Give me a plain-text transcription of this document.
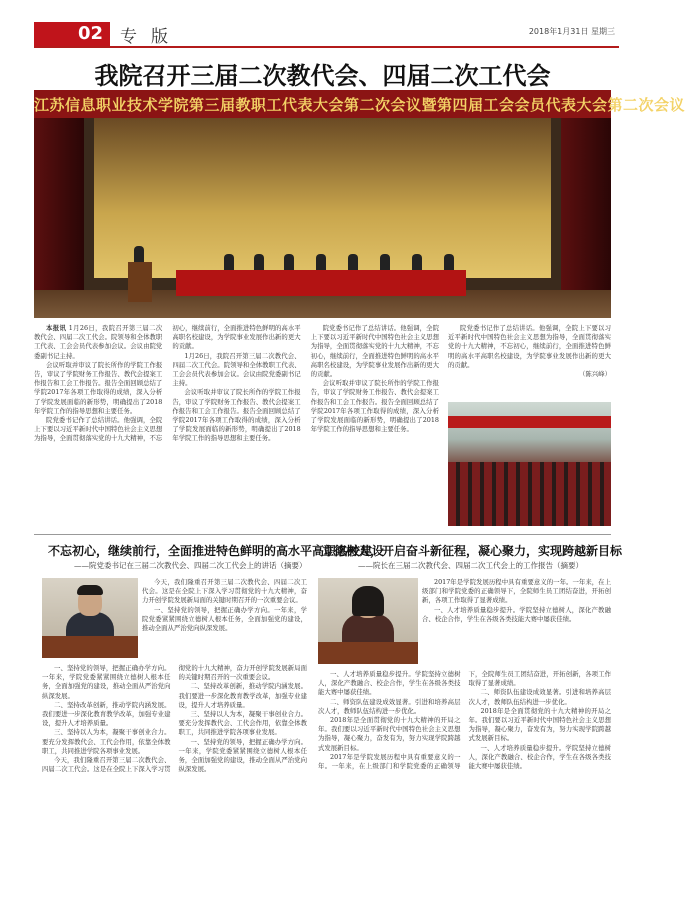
02 专版	2018年1月31日 星期三
我院召开三届二次教代会、四届二次工代会
江苏信息职业技术学院第三届教职工代表大会第二次会议暨第四届工会会员代表大会第二次会议

本报讯 1月26日，我院召开第三届二次教代会、四届二次工代会。院领导和全体教职工代表、工会会员代表参加会议。会议由院党委副书记主持。

会议听取并审议了院长所作的学院工作报告，审议了学院财务工作报告、教代会提案工作报告和工会工作报告。报告全面回顾总结了学院2017年各项工作取得的成绩，深入分析了学院发展面临的新形势，明确提出了2018年学院工作的指导思想和主要任务。

院党委书记作了总结讲话。他强调，全院上下要以习近平新时代中国特色社会主义思想为指导，全面贯彻落实党的十九大精神，不忘初心，继续前行，全面推进特色鲜明的高水平高职名校建设，为学院事业发展作出新的更大的贡献。

1月26日，我院召开第三届二次教代会、四届二次工代会。院领导和全体教职工代表、工会会员代表参加会议。会议由院党委副书记主持。

会议听取并审议了院长所作的学院工作报告，审议了学院财务工作报告、教代会提案工作报告和工会工作报告。报告全面回顾总结了学院2017年各项工作取得的成绩，深入分析了学院发展面临的新形势，明确提出了2018年学院工作的指导思想和主要任务。

院党委书记作了总结讲话。他强调，全院上下要以习近平新时代中国特色社会主义思想为指导，全面贯彻落实党的十九大精神，不忘初心，继续前行，全面推进特色鲜明的高水平高职名校建设，为学院事业发展作出新的更大的贡献。

会议听取并审议了院长所作的学院工作报告，审议了学院财务工作报告、教代会提案工作报告和工会工作报告。报告全面回顾总结了学院2017年各项工作取得的成绩，深入分析了学院发展面临的新形势，明确提出了2018年学院工作的指导思想和主要任务。

院党委书记作了总结讲话。他强调，全院上下要以习近平新时代中国特色社会主义思想为指导，全面贯彻落实党的十九大精神，不忘初心，继续前行，全面推进特色鲜明的高水平高职名校建设，为学院事业发展作出新的更大的贡献。

（陈兴峰）

不忘初心，继续前行，全面推进特色鲜明的高水平高职名校建设
——院党委书记在三届二次教代会、四届二次工代会上的讲话（摘要）

今天，我们隆重召开第三届二次教代会、四届二次工代会。这是在全院上下深入学习贯彻党的十九大精神，奋力开创学院发展新局面的关键时期召开的一次重要会议。

一、坚持党的领导，把握正确办学方向。一年来，学院党委紧紧围绕立德树人根本任务，全面加强党的建设，推动全面从严治党向纵深发展。

一、坚持党的领导，把握正确办学方向。一年来，学院党委紧紧围绕立德树人根本任务，全面加强党的建设，推动全面从严治党向纵深发展。

二、坚持改革创新，推动学院内涵发展。我们要进一步深化教育教学改革，加强专业建设，提升人才培养质量。

三、坚持以人为本，凝聚干事创业合力。要充分发挥教代会、工代会作用，依靠全体教职工，共同推进学院各项事业发展。

今天，我们隆重召开第三届二次教代会、四届二次工代会。这是在全院上下深入学习贯彻党的十九大精神，奋力开创学院发展新局面的关键时期召开的一次重要会议。

二、坚持改革创新，推动学院内涵发展。我们要进一步深化教育教学改革，加强专业建设，提升人才培养质量。

三、坚持以人为本，凝聚干事创业合力。要充分发挥教代会、工代会作用，依靠全体教职工，共同推进学院各项事业发展。

一、坚持党的领导，把握正确办学方向。一年来，学院党委紧紧围绕立德树人根本任务，全面加强党的建设，推动全面从严治党向纵深发展。

立德树人，开启奋斗新征程，凝心聚力，实现跨越新目标
——院长在三届二次教代会、四届二次工代会上的工作报告（摘要）

2017年是学院发展历程中具有重要意义的一年。一年来，在上级部门和学院党委的正确领导下，全院师生员工团结奋进，开拓创新，各项工作取得了显著成绩。

一、人才培养质量稳步提升。学院坚持立德树人，深化产教融合、校企合作，学生在各级各类技能大赛中屡获佳绩。

一、人才培养质量稳步提升。学院坚持立德树人，深化产教融合、校企合作，学生在各级各类技能大赛中屡获佳绩。

二、师资队伍建设成效显著。引进和培养高层次人才，教师队伍结构进一步优化。

2018年是全面贯彻党的十九大精神的开局之年。我们要以习近平新时代中国特色社会主义思想为指导，凝心聚力，奋发有为，努力实现学院跨越式发展新目标。

2017年是学院发展历程中具有重要意义的一年。一年来，在上级部门和学院党委的正确领导下，全院师生员工团结奋进，开拓创新，各项工作取得了显著成绩。

二、师资队伍建设成效显著。引进和培养高层次人才，教师队伍结构进一步优化。

2018年是全面贯彻党的十九大精神的开局之年。我们要以习近平新时代中国特色社会主义思想为指导，凝心聚力，奋发有为，努力实现学院跨越式发展新目标。

一、人才培养质量稳步提升。学院坚持立德树人，深化产教融合、校企合作，学生在各级各类技能大赛中屡获佳绩。
